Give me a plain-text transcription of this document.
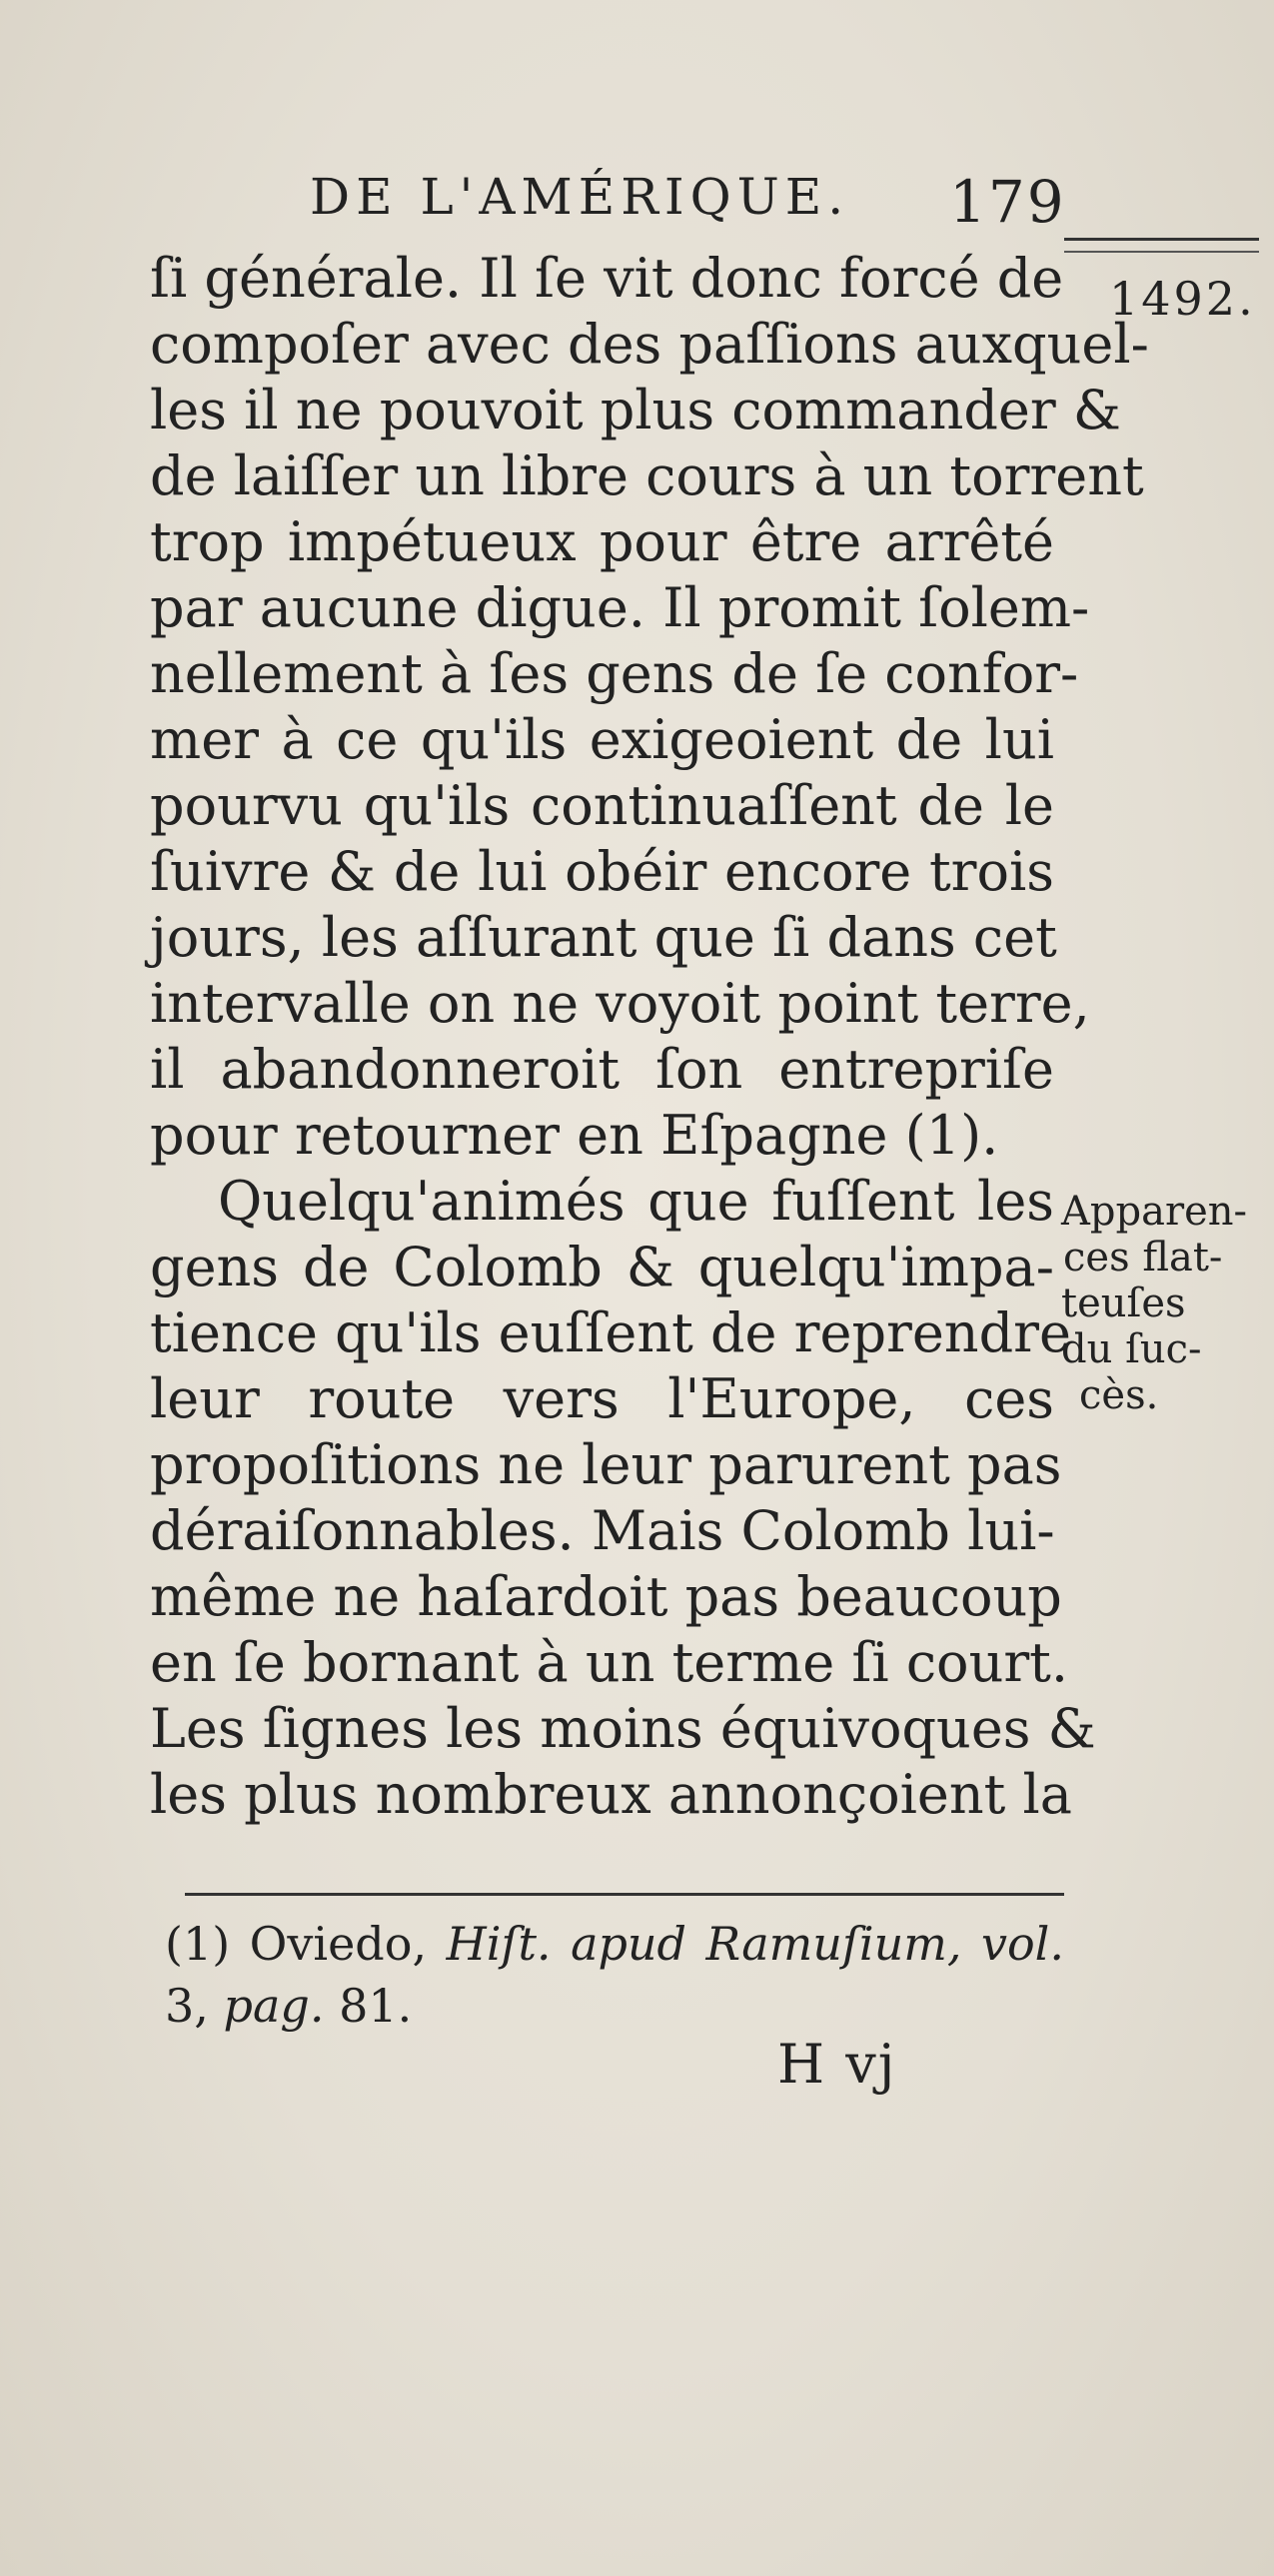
DE L'AMÉRIQUE. 179
1492.
ſi générale. Il ſe vit donc forcé de
compoſer avec des paſſions auxquel-
les il ne pouvoit plus commander &
de laiſſer un libre cours à un torrent
trop impétueux pour être arrêté
par aucune digue. Il promit ſolem-
nellement à ſes gens de ſe confor-
mer à ce qu'ils exigeoient de lui
pourvu qu'ils continuaſſent de le
ſuivre & de lui obéir encore trois
jours, les aſſurant que ſi dans cet
intervalle on ne voyoit point terre,
il abandonneroit ſon entrepriſe
pour retourner en Eſpagne (1).
Quelqu'animés que fuſſent les
gens de Colomb & quelqu'impa-
tience qu'ils euſſent de reprendre
leur route vers l'Europe, ces
propoſitions ne leur parurent pas
déraiſonnables. Mais Colomb lui-
même ne haſardoit pas beaucoup
en ſe bornant à un terme ſi court.
Les ſignes les moins équivoques &
les plus nombreux annonçoient la
Apparen-
ces flat-
teuſes
du ſuc-
cès.
(1) Oviedo, Hiſt. apud Ramuſium, vol.
3, pag. 81.
H vj
